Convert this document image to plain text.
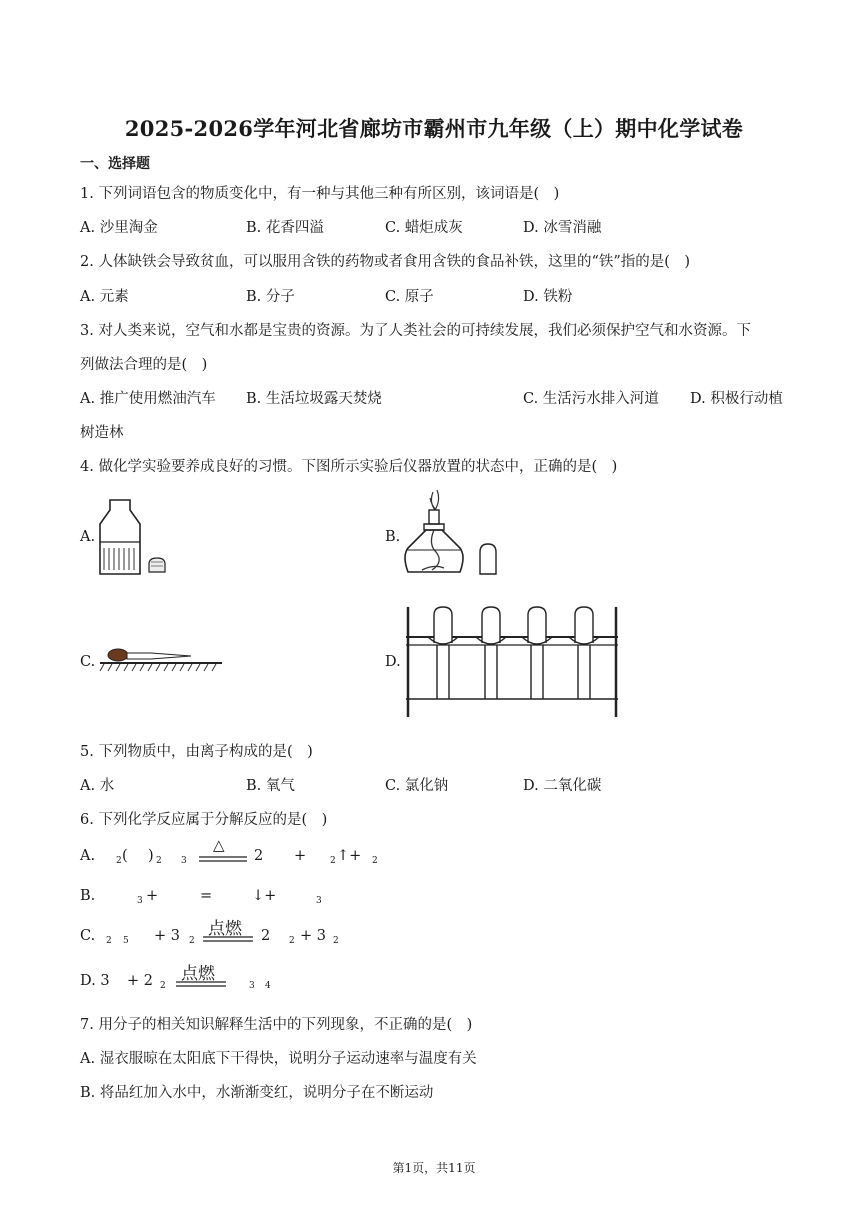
2025-2026学年河北省廊坊市霸州市九年级（上）期中化学试卷
一、选择题
1. 下列词语包含的物质变化中，有一种与其他三种有所区别，该词语是(　)
A. 沙里淘金	B. 花香四溢	C. 蜡炬成灰	D. 冰雪消融
2. 人体缺铁会导致贫血，可以服用含铁的药物或者食用含铁的食品补铁，这里的“铁”指的是(　)
A. 元素	B. 分子	C. 原子	D. 铁粉
3. 对人类来说，空气和水都是宝贵的资源。为了人类社会的可持续发展，我们必须保护空气和水资源。下
列做法合理的是(　)
A. 推广使用燃油汽车 B. 生活垃圾露天焚烧	C. 生活污水排入河道 D. 积极行动植
树造林
4. 做化学实验要养成良好的习惯。下图所示实验后仪器放置的状态中，正确的是(　)
A.	B.
C.	D.
5. 下列物质中，由离子构成的是(　)
A. 水	B. 氧气	C. 氯化钠	D. 二氧化碳
6. 下列化学反应属于分解反应的是(　)
A. 2 ( ) 2 3
△
2 +	2 ↑+ 2
B.	3 +	=	↓+	3
C. 2 5 + 3 2
点燃 2 2 + 3 2
D. 3 + 2 2
点燃
3 4
7. 用分子的相关知识解释生活中的下列现象，不正确的是(　)
A. 湿衣服晾在太阳底下干得快，说明分子运动速率与温度有关
B. 将品红加入水中，水渐渐变红，说明分子在不断运动
第1页，共11页
